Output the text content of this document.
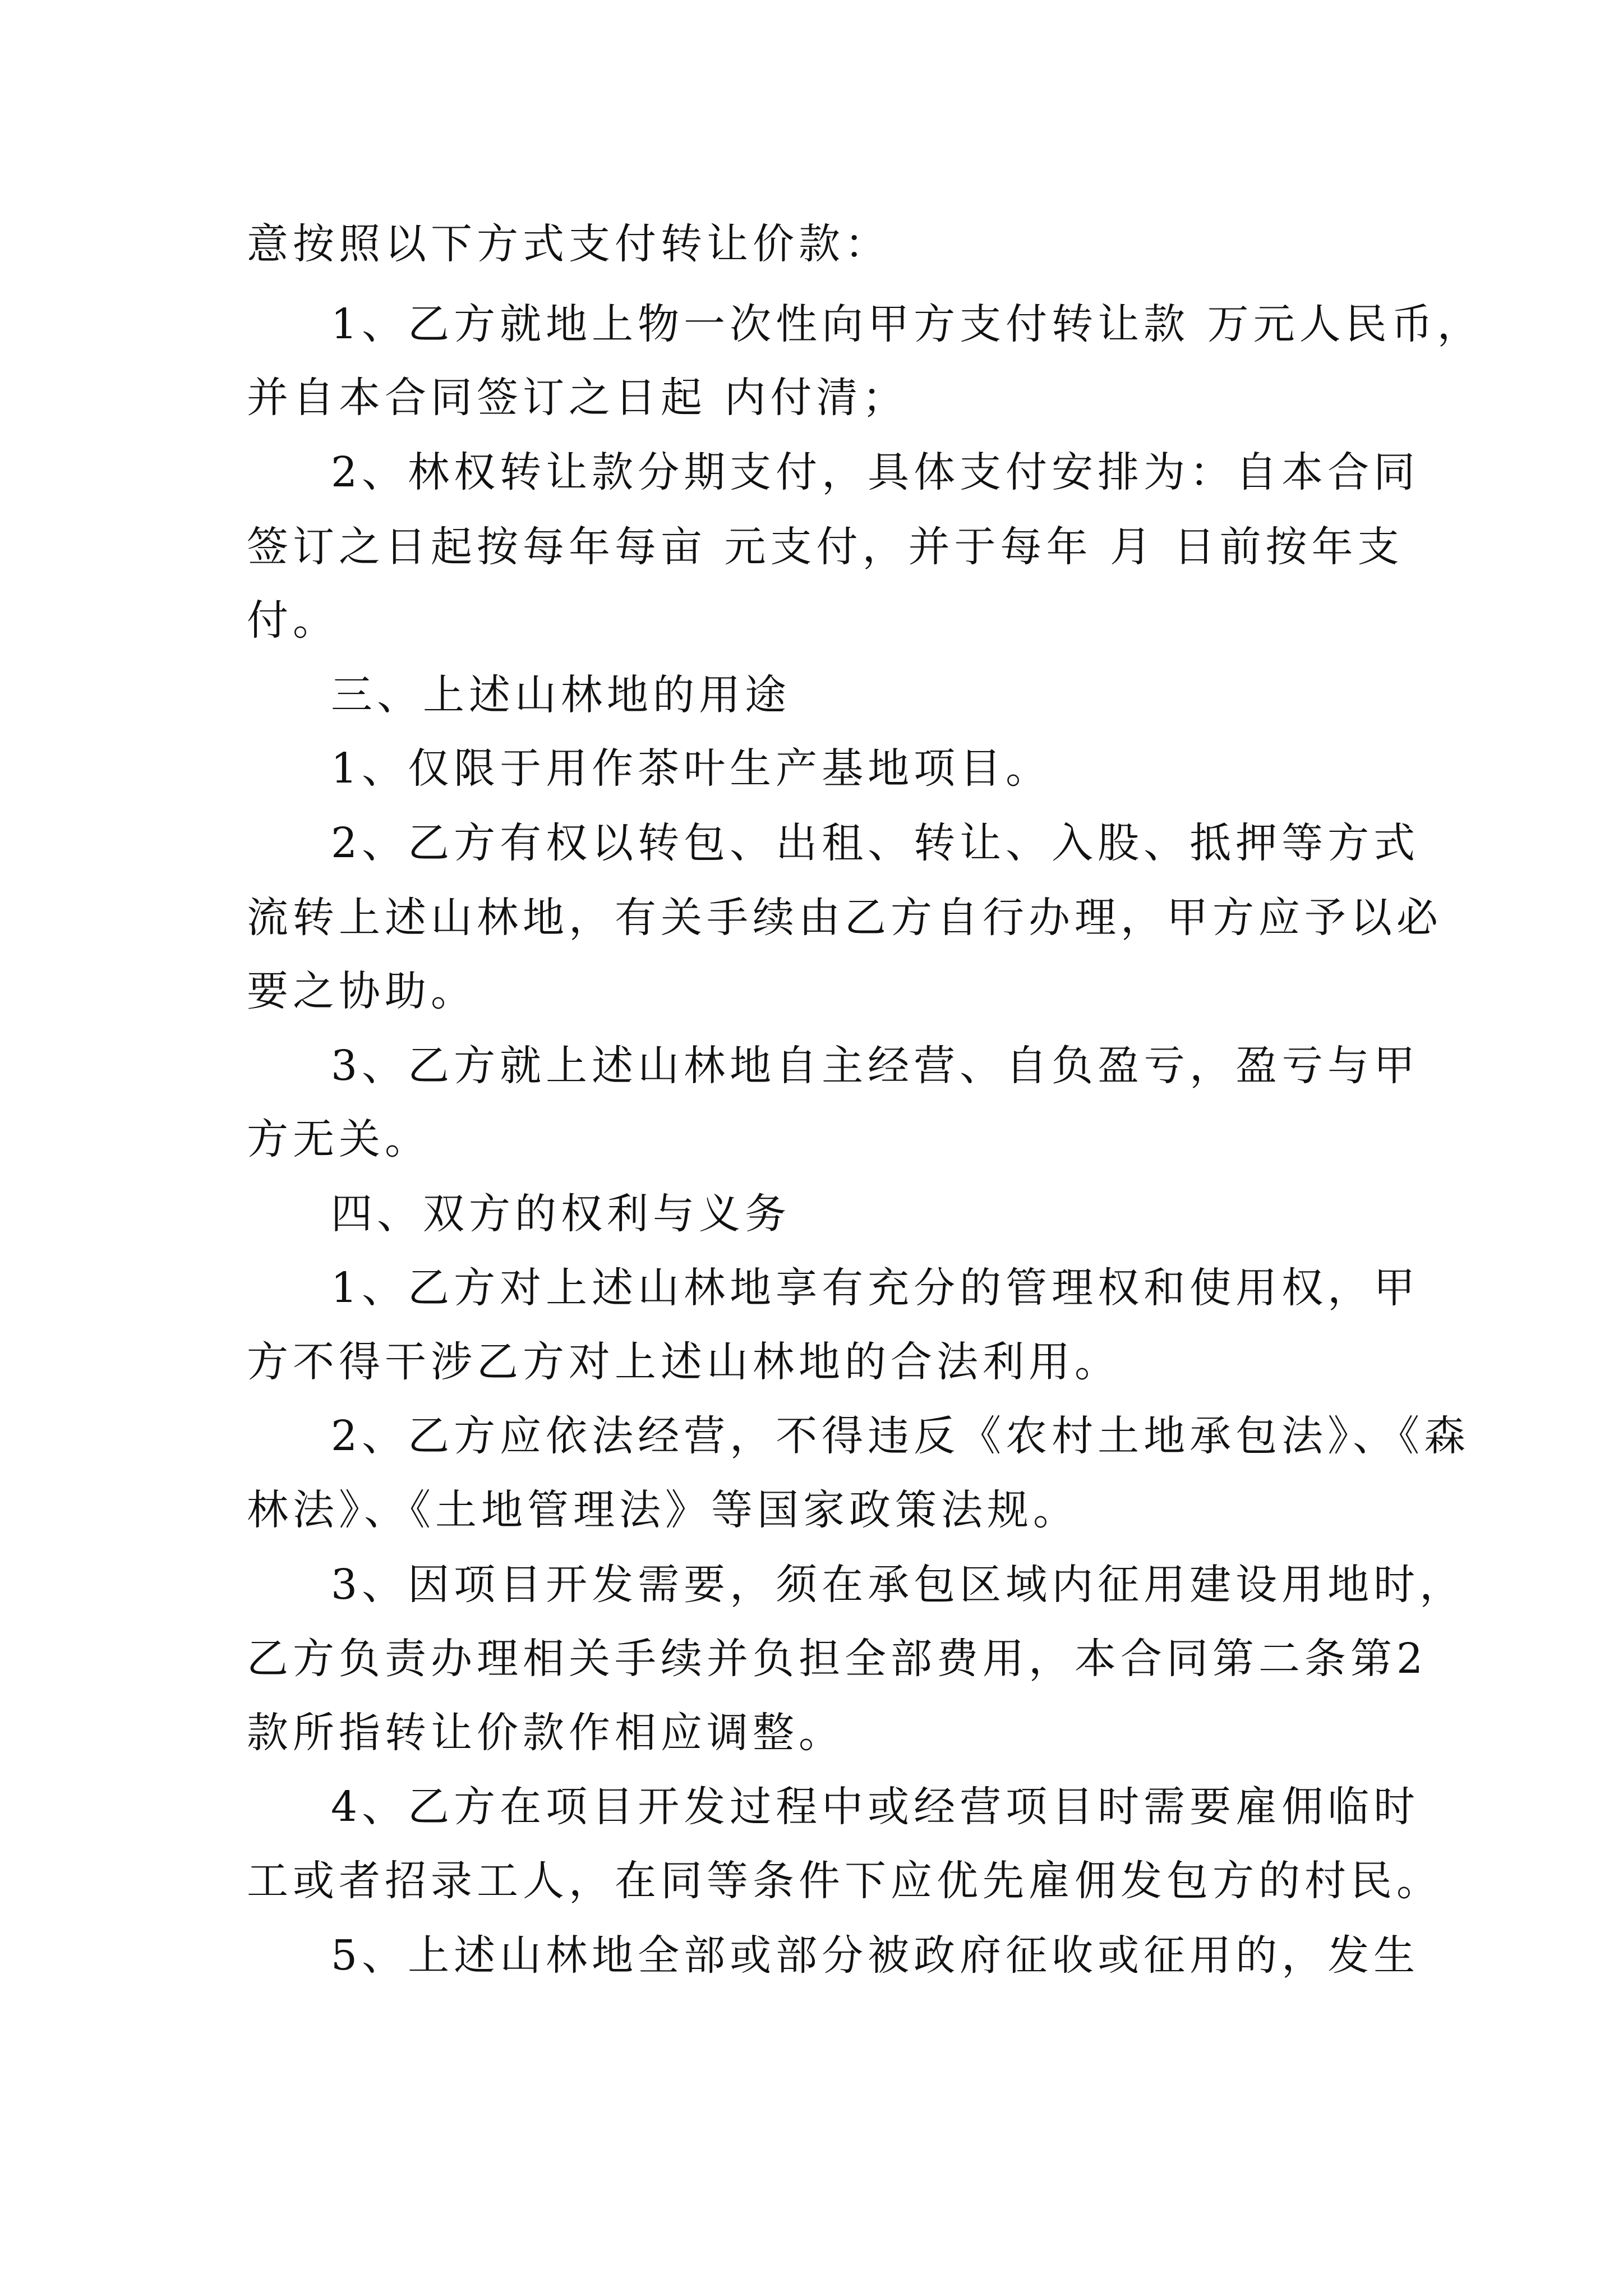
意按照以下方式支付转让价款：
1、乙方就地上物一次性向甲方支付转让款 万元人民币，
并自本合同签订之日起 内付清；
2、林权转让款分期支付，具体支付安排为：自本合同
签订之日起按每年每亩 元支付，并于每年 月 日前按年支
付。
三、上述山林地的用途
1、仅限于用作茶叶生产基地项目。
2、乙方有权以转包、出租、转让、入股、抵押等方式
流转上述山林地，有关手续由乙方自行办理，甲方应予以必
要之协助。
3、乙方就上述山林地自主经营、自负盈亏，盈亏与甲
方无关。
四、双方的权利与义务
1、乙方对上述山林地享有充分的管理权和使用权，甲
方不得干涉乙方对上述山林地的合法利用。
2、乙方应依法经营，不得违反《农村土地承包法》、《森
林法》、《土地管理法》等国家政策法规。
3、因项目开发需要，须在承包区域内征用建设用地时，
乙方负责办理相关手续并负担全部费用，本合同第二条第2
款所指转让价款作相应调整。
4、乙方在项目开发过程中或经营项目时需要雇佣临时
工或者招录工人，在同等条件下应优先雇佣发包方的村民。
5、上述山林地全部或部分被政府征收或征用的，发生
